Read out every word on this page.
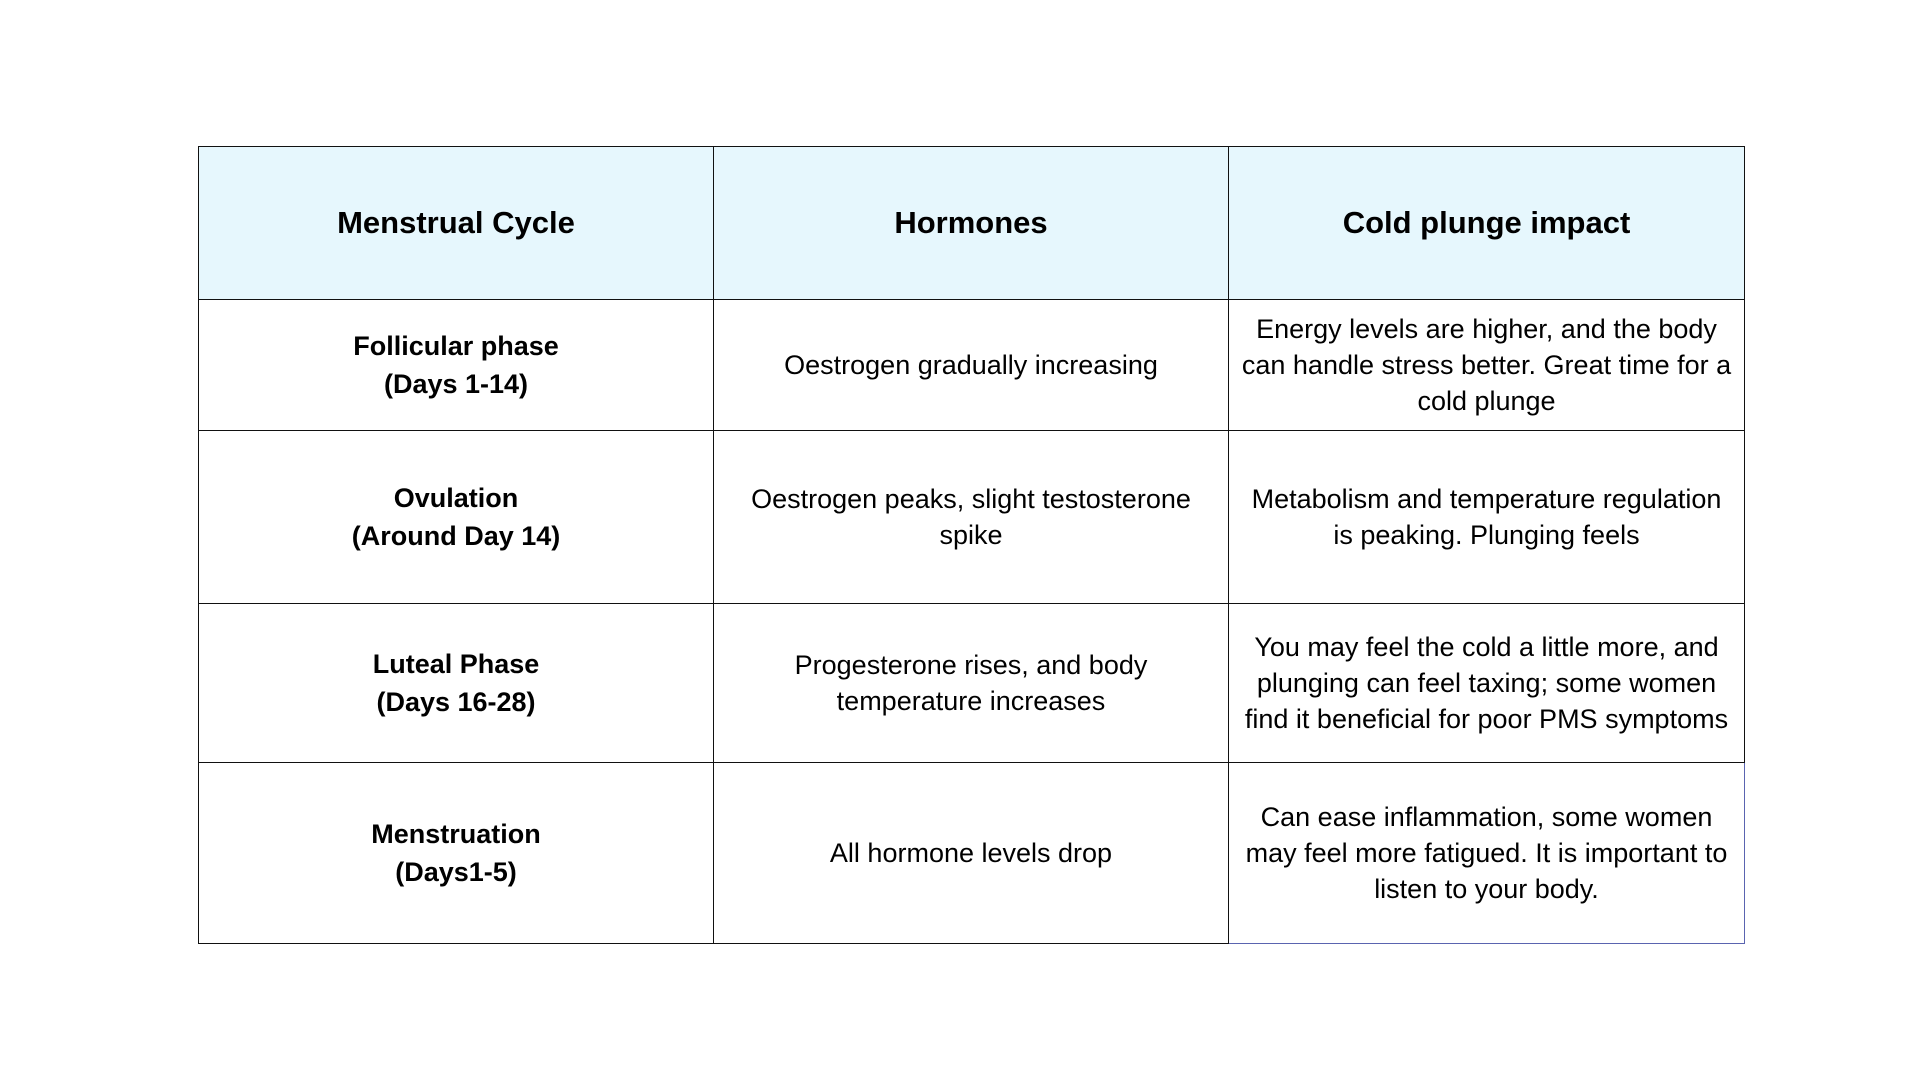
Menstrual Cycle	Hormones	Cold plunge impact

Follicular phase
(Days 1-14)	Oestrogen gradually increasing	Energy levels are higher, and the body can handle stress better. Great time for a cold plunge

Ovulation
(Around Day 14)	Oestrogen peaks, slight testosterone spike	Metabolism and temperature regulation is peaking. Plunging feels

Luteal Phase
(Days 16-28)	Progesterone rises, and body temperature increases	You may feel the cold a little more, and plunging can feel taxing; some women find it beneficial for poor PMS symptoms

Menstruation
(Days1-5)	All hormone levels drop	Can ease inflammation, some women may feel more fatigued. It is important to listen to your body.
